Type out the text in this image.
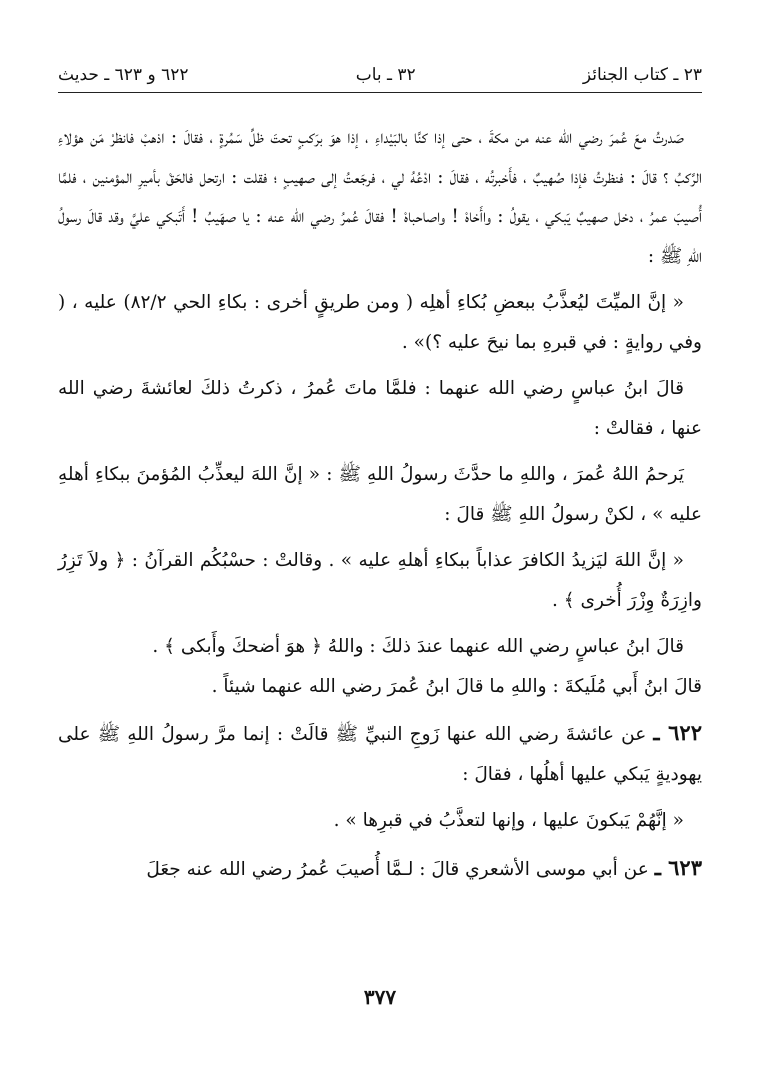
٢٣ ـ كتاب الجنائز
٣٢ ـ باب
٦٢٢ و ٦٢٣ ـ حديث

صَدرتُ معَ عُمرَ رضي الله عنه من مكةَ ، حتى إذا كنَّا بالبَيْداءِ ، إذا هوَ برَكبٍ تحتَ ظلِّ سَمُرةٍ ، فقالَ : اذهبْ فانظرْ مَن هؤلاءِ الرَّكبُ ؟ قالَ : فنظرتُ فإذا صُهيبٌ ، فأَخبرتُه ، فقالَ : ادْعُهُ لي ، فرجَعتُ إلى صهيبٍ ؛ فقلت : ارتحل فالحَقْ بأميرِ المؤمنين ، فلمَّا أُصيبَ عمرُ ، دخل صهيبٌ يَبكي ، يقولُ : واأَخاهْ ! واصاحباهْ ! فقالَ عُمرُ رضي الله عنه : يا صهَيبُ ! أَتَبكي عليَّ وقد قالَ رسولُ اللهِ ﷺ :

« إنَّ الميِّتَ ليُعذَّبُ ببعضِ بُكاءِ أهلِه ( ومن طريقٍ أخرى : بكاءِ الحي ٨٢/٢) عليه ، ( وفي روايةٍ : في قبرهِ بما نيحَ عليه ؟)» .

قالَ ابنُ عباسٍ رضي الله عنهما : فلمَّا ماتَ عُمرُ ، ذكرتُ ذلكَ لعائشةَ رضي الله عنها ، فقالتْ :

يَرحمُ اللهُ عُمرَ ، واللهِ ما حدَّثَ رسولُ اللهِ ﷺ : « إنَّ اللهَ ليعذِّبُ المُؤمنَ ببكاءِ أهلهِ عليه » ، لكنْ رسولُ اللهِ ﷺ قالَ :

« إنَّ اللهَ ليَزيدُ الكافرَ عذاباً ببكاءِ أهلهِ عليه » . وقالتْ : حسْبُكُم القرآنُ : ﴿ ولاَ تَزِرُ وازِرَةٌ وِزْرَ أُخرى ﴾ .

قالَ ابنُ عباسٍ رضي الله عنهما عندَ ذلكَ : واللهُ ﴿ هوَ أضحكَ وأَبكى ﴾ .

قالَ ابنُ أَبي مُلَيكةَ : واللهِ ما قالَ ابنُ عُمرَ رضي الله عنهما شيئاً .

٦٢٢ ـ عن عائشةَ رضي الله عنها زَوجِ النبيِّ ﷺ قالَتْ : إنما مرَّ رسولُ اللهِ ﷺ على يهوديةٍ يَبكي عليها أهلُها ، فقالَ :

« إنَّهُمْ يَبكونَ عليها ، وإنها لتعذَّبُ في قبرِها » .

٦٢٣ ـ عن أبي موسى الأشعري قالَ : لـمَّا أُصيبَ عُمرُ رضي الله عنه جعَلَ

٣٧٧
